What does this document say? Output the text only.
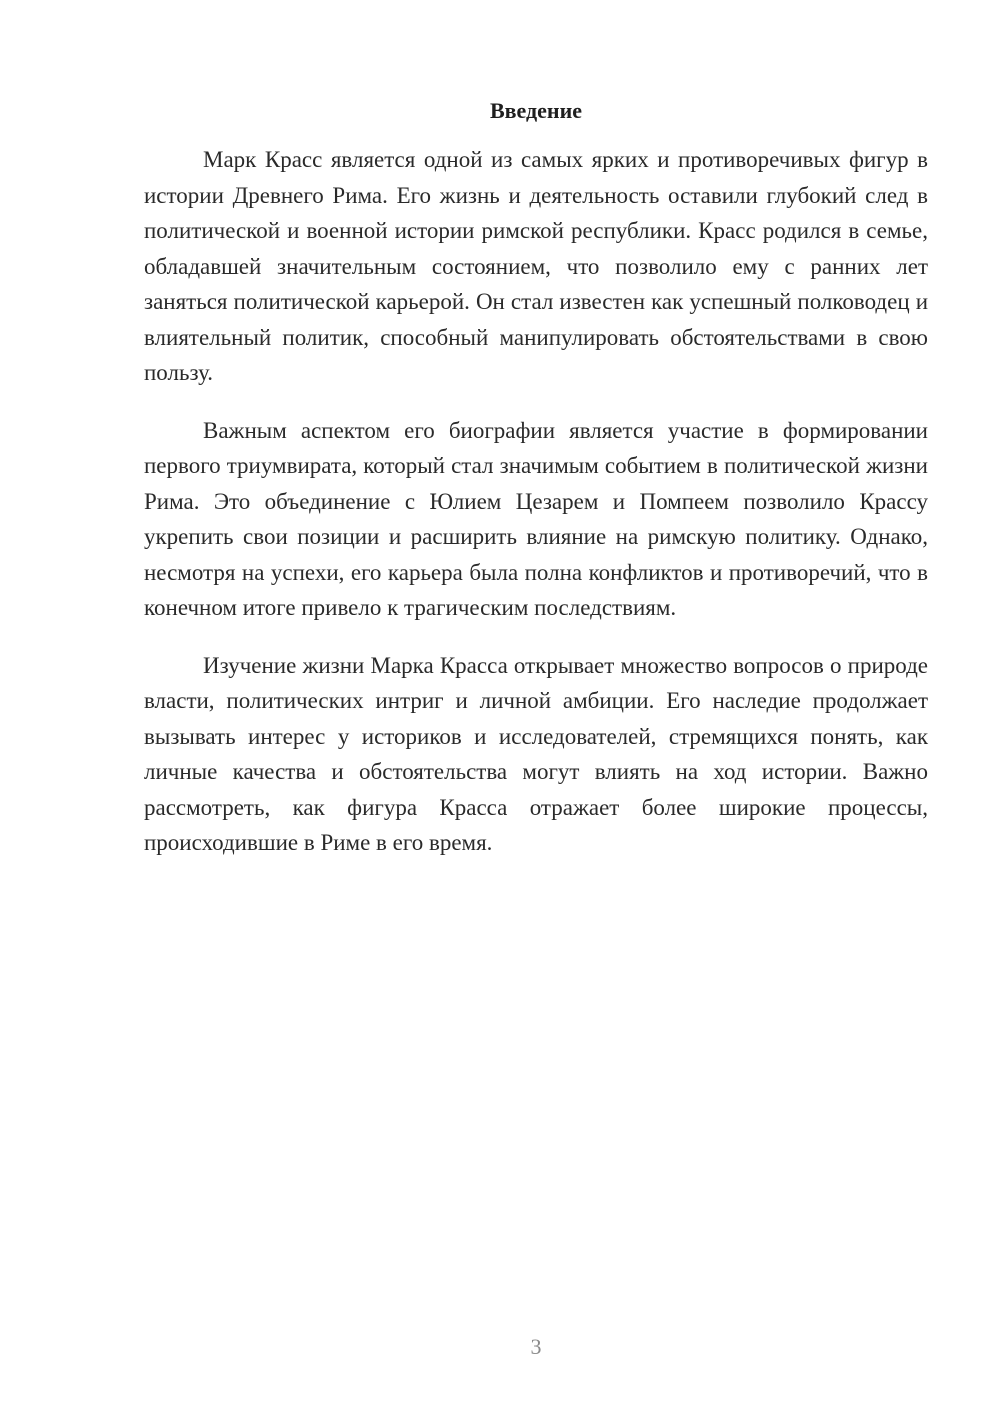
Введение

Марк Красс является одной из самых ярких и противоречивых фигур в истории Древнего Рима. Его жизнь и деятельность оставили глубокий след в политической и военной истории римской республики. Красс родился в семье, обладавшей значительным состоянием, что позволило ему с ранних лет заняться политической карьерой. Он стал известен как успешный полководец и влиятельный политик, способный манипулировать обстоятельствами в свою пользу.

Важным аспектом его биографии является участие в формировании первого триумвирата, который стал значимым событием в политической жизни Рима. Это объединение с Юлием Цезарем и Помпеем позволило Крассу укрепить свои позиции и расширить влияние на римскую политику. Однако, несмотря на успехи, его карьера была полна конфликтов и противоречий, что в конечном итоге привело к трагическим последствиям.

Изучение жизни Марка Красса открывает множество вопросов о природе власти, политических интриг и личной амбиции. Его наследие продолжает вызывать интерес у историков и исследователей, стремящихся понять, как личные качества и обстоятельства могут влиять на ход истории. Важно рассмотреть, как фигура Красса отражает более широкие процессы, происходившие в Риме в его время.

3
